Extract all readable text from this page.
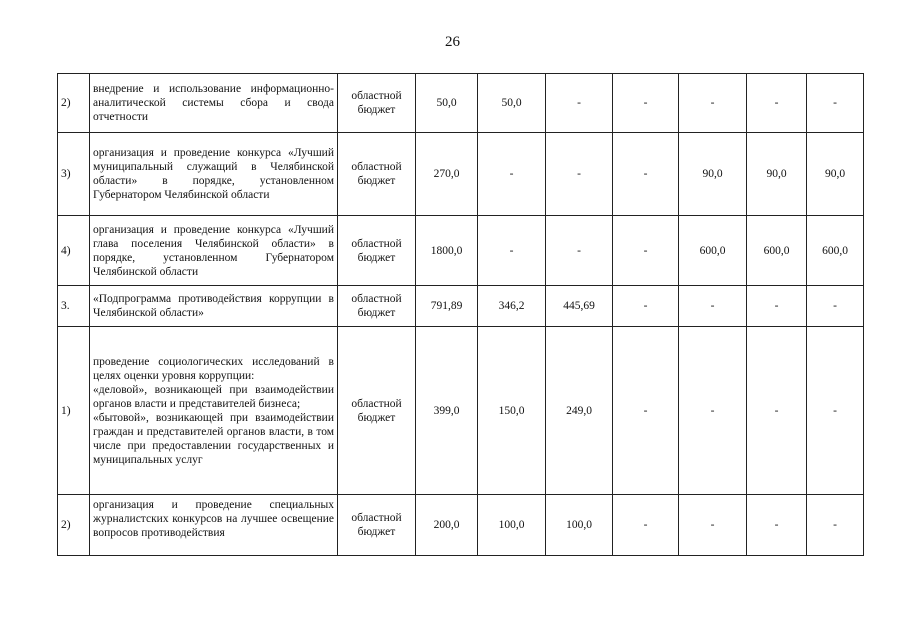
26
2)	внедрение и использование информационно-аналитической системы сбора и свода отчетности	областной бюджет	50,0	50,0	-	-	-	-	-
3)	организация и проведение конкурса «Лучший муниципальный служащий в Челябинской области» в порядке, установленном Губернатором Челябинской области	областной бюджет	270,0	-	-	-	90,0	90,0	90,0
4)	организация и проведение конкурса «Лучший глава поселения Челябинской области» в порядке, установленном Губернатором Челябинской области	областной бюджет	1800,0	-	-	-	600,0	600,0	600,0
3.	«Подпрограмма противодействия коррупции в Челябинской области»	областной бюджет	791,89	346,2	445,69	-	-	-	-
1)	проведение социологических исследований в целях оценки уровня коррупции:
«деловой», возникающей при взаимодействии органов власти и представителей бизнеса;
«бытовой», возникающей при взаимодействии граждан и представителей органов власти, в том числе при предоставлении государственных и муниципальных услуг	областной бюджет	399,0	150,0	249,0	-	-	-	-
2)	организация и проведение специальных журналистских конкурсов на лучшее освещение вопросов противодействия	областной бюджет	200,0	100,0	100,0	-	-	-	-
